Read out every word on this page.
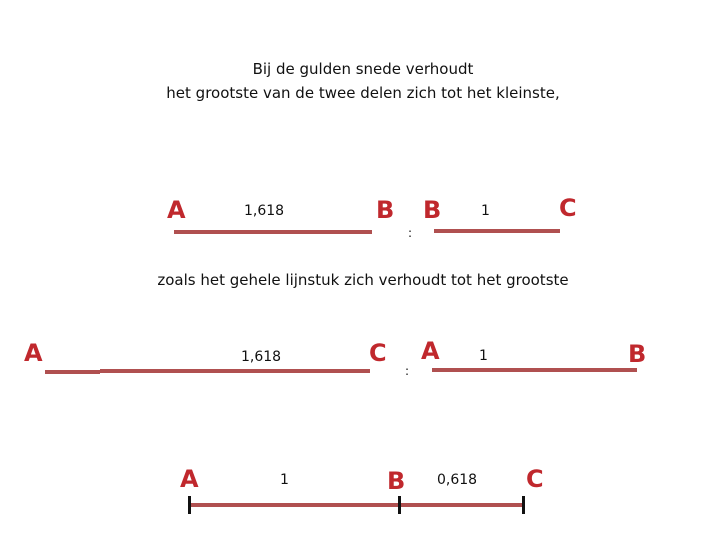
Bij de gulden snede verhoudt
het grootste van de twee delen zich tot het kleinste,
A	1,618	B
:
B	1	C
zoals het gehele lijnstuk zich verhoudt tot het grootste
A	1,618	C
:
A	1	B
A	1	B 0,618 C
